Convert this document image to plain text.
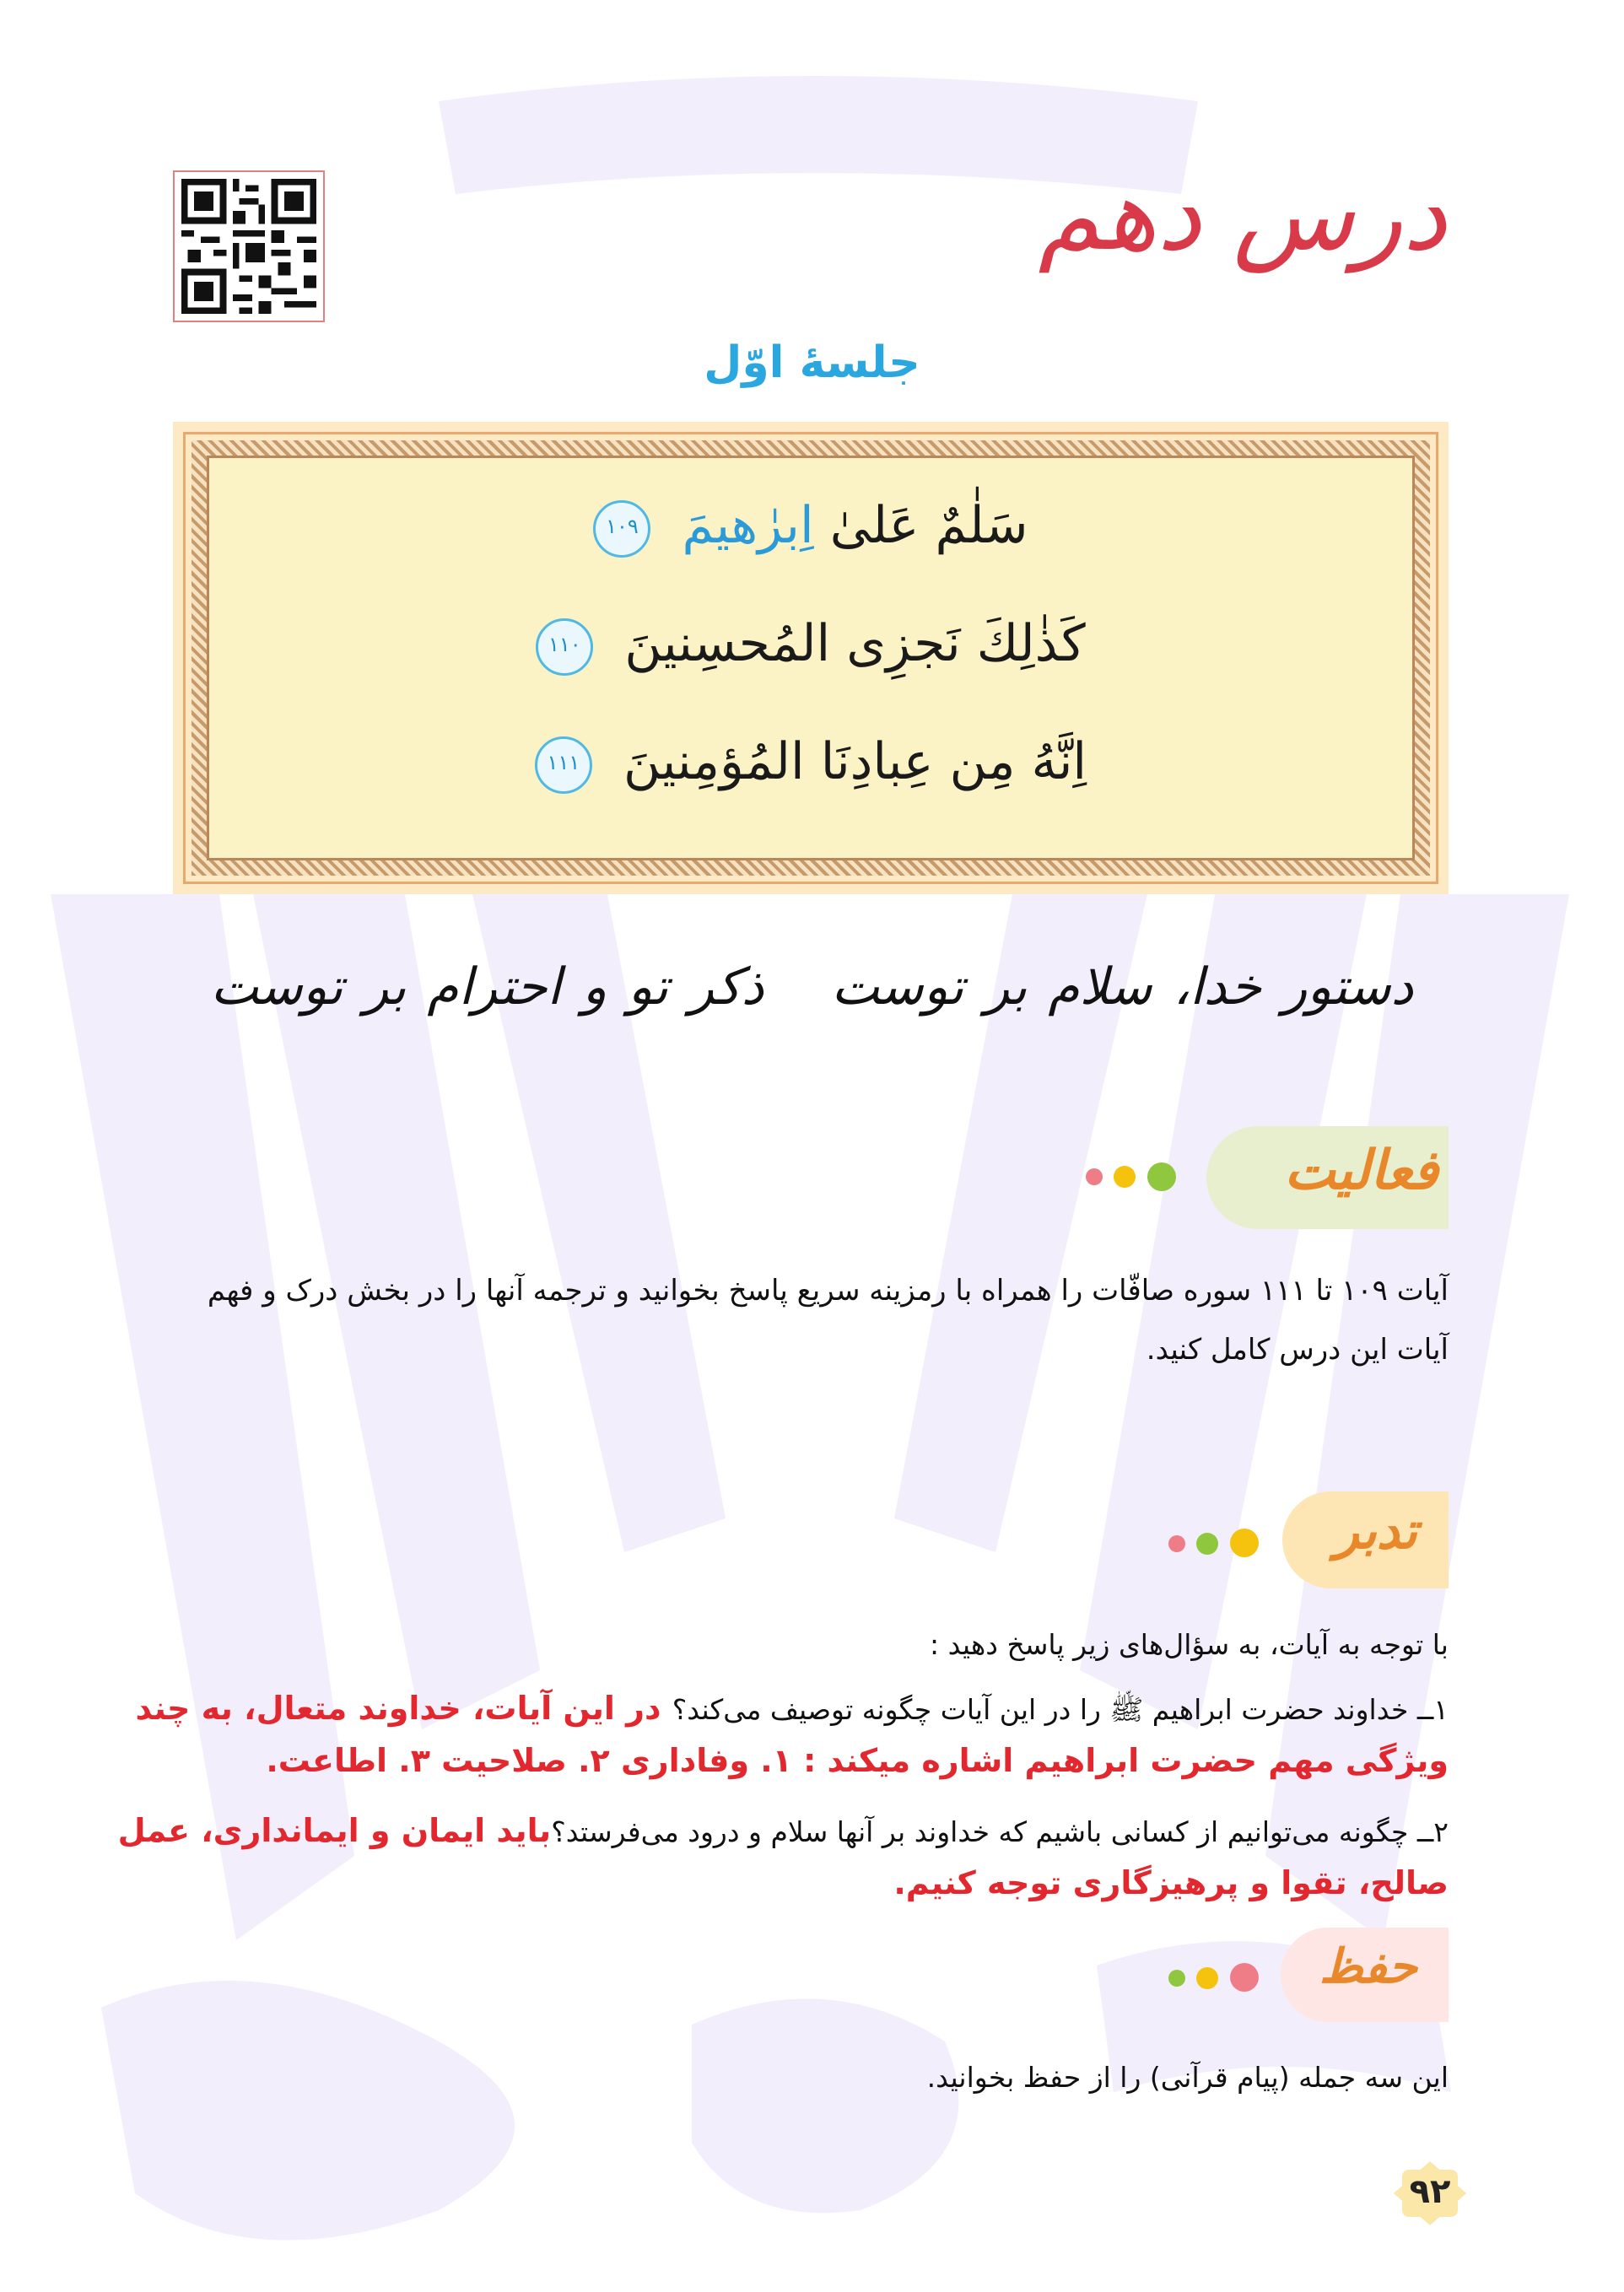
درس دهم
جلسهٔ اوّل
سَلٰمٌ عَلیٰ اِبرٰهیمَ ۱۰۹
كَذٰلِكَ نَجزِی المُحسِنینَ ۱۱۰
اِنَّهُ مِن عِبادِنَا المُؤمِنینَ ۱۱۱
دستور خدا، سلام بر توستذکر تو و احترام بر توست
فعالیت
آیات ۱۰۹ تا ۱۱۱ سوره صافّات را همراه با رمزینه سریع پاسخ بخوانید و ترجمه آنها را در بخش درک و فهم
آیات این درس کامل کنید.
تدبر
با توجه به آیات، به سؤال‌های زیر پاسخ دهید :
١ــ خداوند حضرت ابراهیم ﷺ را در این آیات چگونه توصیف می‌کند؟ در این آیات، خداوند متعال، به چند
ویژگی مهم حضرت ابراهیم اشاره میکند : ۱. وفاداری ۲. صلاحیت ۳. اطاعت.
٢ــ چگونه می‌توانیم از کسانی باشیم که خداوند بر آنها سلام و درود می‌فرستد؟باید ایمان و ایمانداری، عمل
صالح، تقوا و پرهیزگاری توجه کنیم.
حفظ
این سه جمله (پیام قرآنی) را از حفظ بخوانید.
۹۲
